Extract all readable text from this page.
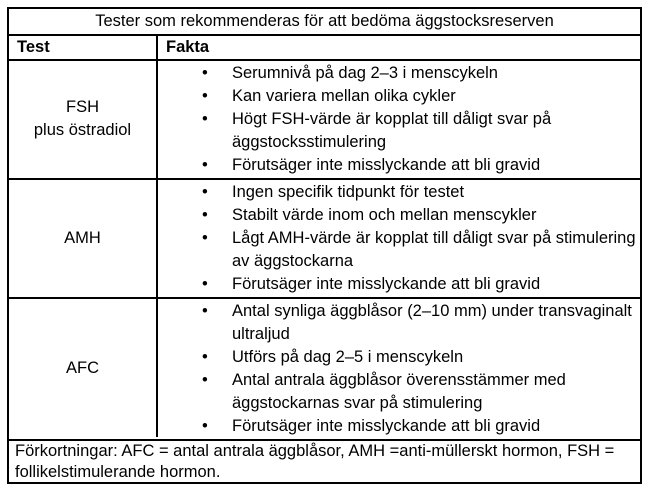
Tester som rekommenderas för att bedöma äggstocksreserven
Test	Fakta
FSH
plus östradiol
• Serumnivå på dag 2–3 i menscykeln
• Kan variera mellan olika cykler
• Högt FSH-värde är kopplat till dåligt svar på äggstocksstimulering
• Förutsäger inte misslyckande att bli gravid
AMH
• Ingen specifik tidpunkt för testet
• Stabilt värde inom och mellan menscykler
• Lågt AMH-värde är kopplat till dåligt svar på stimulering av äggstockarna
• Förutsäger inte misslyckande att bli gravid
AFC
• Antal synliga äggblåsor (2–10 mm) under transvaginalt ultraljud
• Utförs på dag 2–5 i menscykeln
• Antal antrala äggblåsor överensstämmer med äggstockarnas svar på stimulering
• Förutsäger inte misslyckande att bli gravid
Förkortningar: AFC = antal antrala äggblåsor, AMH =anti-müllerskt hormon, FSH = follikelstimulerande hormon.
